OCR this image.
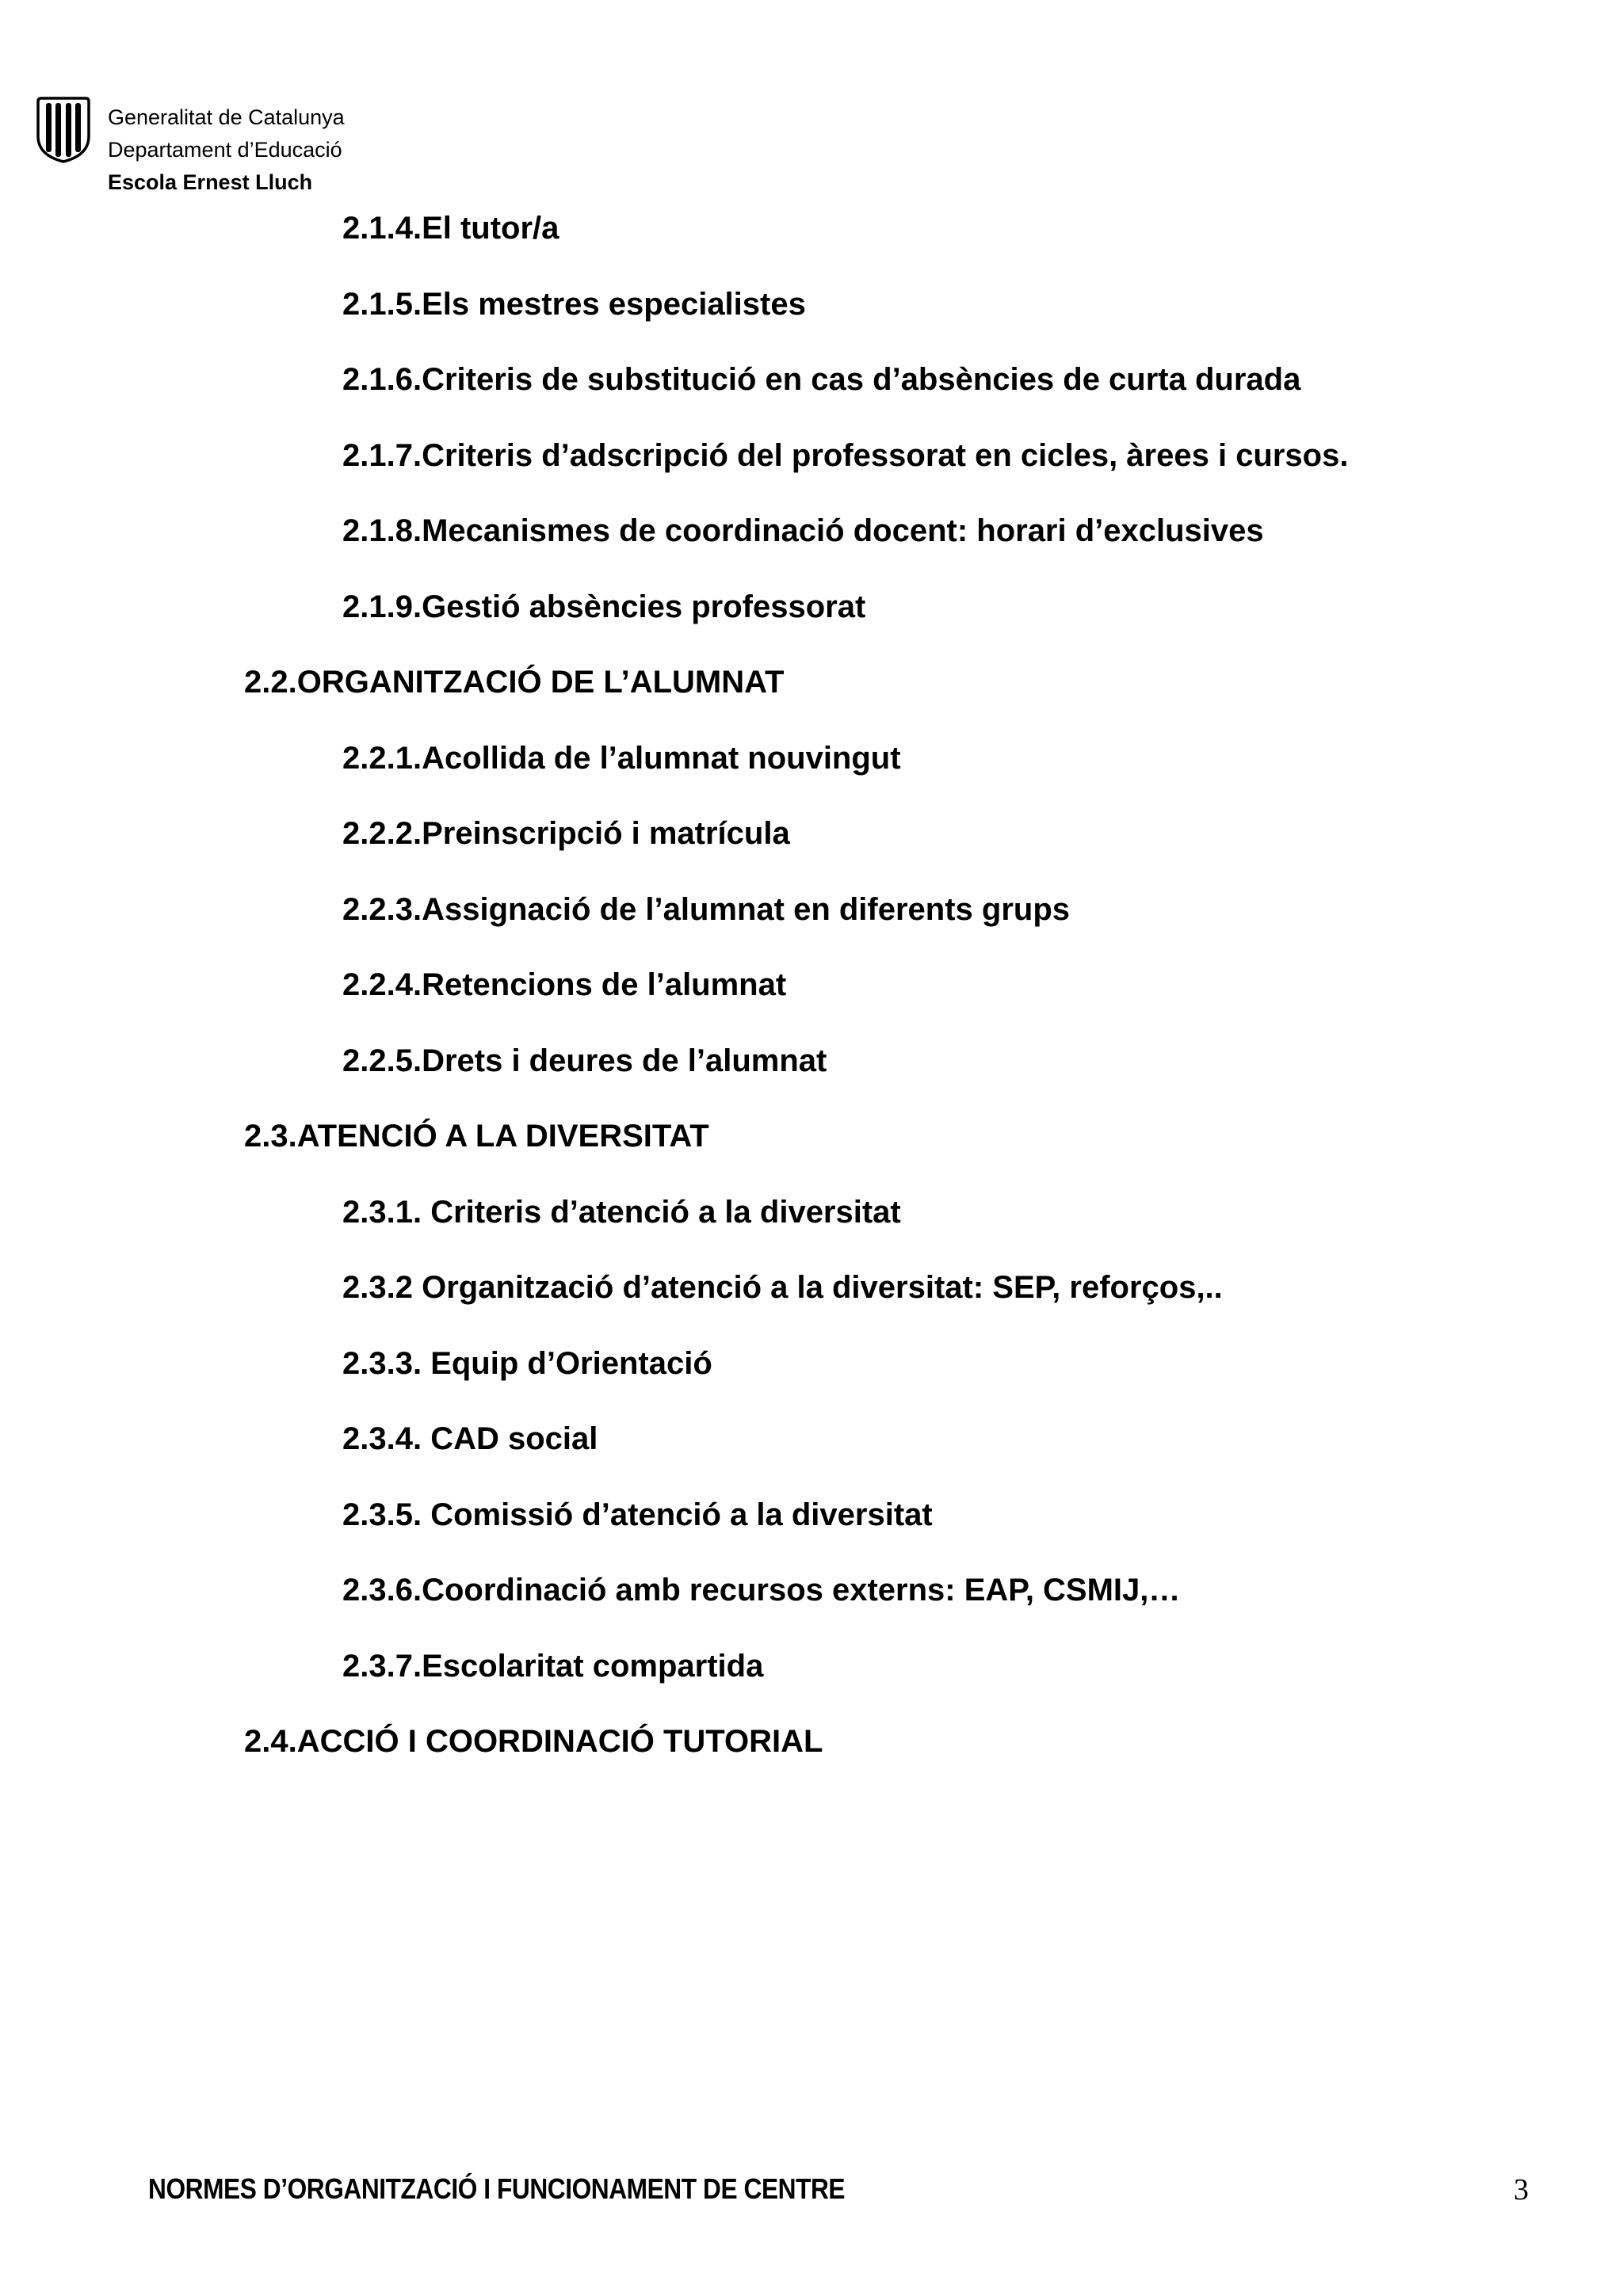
Generalitat de Catalunya
Departament d’Educació
Escola Ernest Lluch
2.1.4.El tutor/a
2.1.5.Els mestres especialistes
2.1.6.Criteris de substitució en cas d’absències de curta durada
2.1.7.Criteris d’adscripció del professorat en cicles, àrees i cursos.
2.1.8.Mecanismes de coordinació docent: horari d’exclusives
2.1.9.Gestió absències professorat
2.2.ORGANITZACIÓ DE L’ALUMNAT
2.2.1.Acollida de l’alumnat nouvingut
2.2.2.Preinscripció i matrícula
2.2.3.Assignació de l’alumnat en diferents grups
2.2.4.Retencions de l’alumnat
2.2.5.Drets i deures de l’alumnat
2.3.ATENCIÓ A LA DIVERSITAT
2.3.1. Criteris d’atenció a la diversitat
2.3.2 Organització d’atenció a la diversitat: SEP, reforços,..
2.3.3. Equip d’Orientació
2.3.4. CAD social
2.3.5. Comissió d’atenció a la diversitat
2.3.6.Coordinació amb recursos externs: EAP, CSMIJ,…
2.3.7.Escolaritat compartida
2.4.ACCIÓ I COORDINACIÓ TUTORIAL
NORMES D’ORGANITZACIÓ I FUNCIONAMENT DE CENTRE	3
